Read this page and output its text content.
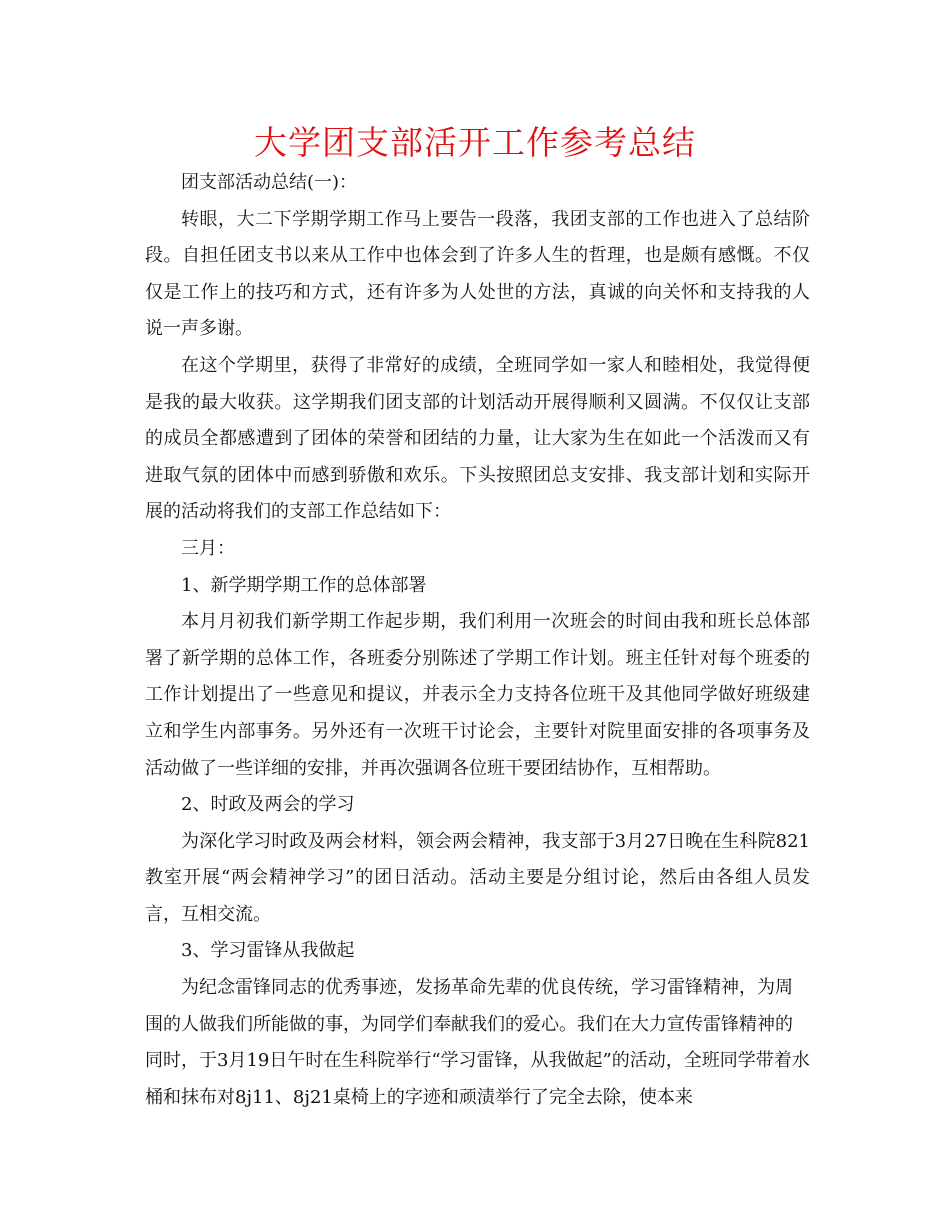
大学团支部活开工作参考总结

团支部活动总结(一)：

转眼，大二下学期学期工作马上要告一段落，我团支部的工作也进入了总结阶段。自担任团支书以来从工作中也体会到了许多人生的哲理，也是颇有感慨。不仅仅是工作上的技巧和方式，还有许多为人处世的方法，真诚的向关怀和支持我的人说一声多谢。

在这个学期里，获得了非常好的成绩，全班同学如一家人和睦相处，我觉得便是我的最大收获。这学期我们团支部的计划活动开展得顺利又圆满。不仅仅让支部的成员全都感遭到了团体的荣誉和团结的力量，让大家为生在如此一个活泼而又有进取气氛的团体中而感到骄傲和欢乐。下头按照团总支安排、我支部计划和实际开展的活动将我们的支部工作总结如下：

三月：

1、新学期学期工作的总体部署

本月月初我们新学期工作起步期，我们利用一次班会的时间由我和班长总体部署了新学期的总体工作，各班委分别陈述了学期工作计划。班主任针对每个班委的工作计划提出了一些意见和提议，并表示全力支持各位班干及其他同学做好班级建立和学生内部事务。另外还有一次班干讨论会，主要针对院里面安排的各项事务及活动做了一些详细的安排，并再次强调各位班干要团结协作，互相帮助。

2、时政及两会的学习

为深化学习时政及两会材料，领会两会精神，我支部于3月27日晚在生科院821教室开展“两会精神学习”的团日活动。活动主要是分组讨论，然后由各组人员发言，互相交流。

3、学习雷锋从我做起

为纪念雷锋同志的优秀事迹，发扬革命先辈的优良传统，学习雷锋精神，为周围的人做我们所能做的事，为同学们奉献我们的爱心。我们在大力宣传雷锋精神的同时，于3月19日午时在生科院举行“学习雷锋，从我做起”的活动，全班同学带着水桶和抹布对8j11、8j21桌椅上的字迹和顽渍举行了完全去除，使本来
